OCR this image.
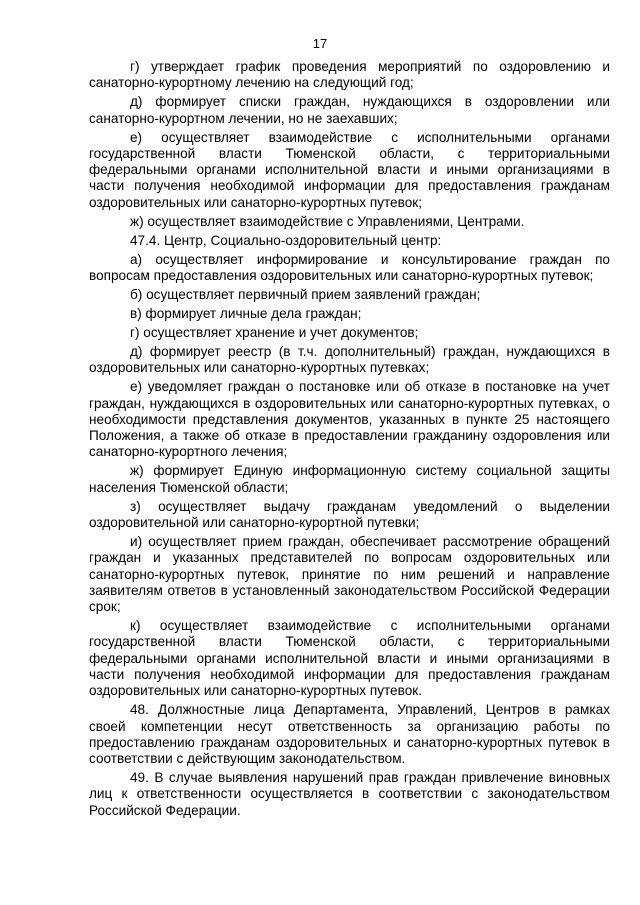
17

г) утверждает график проведения мероприятий по оздоровлению и санаторно-курортному лечению на следующий год;

д) формирует списки граждан, нуждающихся в оздоровлении или санаторно-курортном лечении, но не заехавших;

е) осуществляет взаимодействие с исполнительными органами государственной власти Тюменской области, с территориальными федеральными органами исполнительной власти и иными организациями в части получения необходимой информации для предоставления гражданам оздоровительных или санаторно-курортных путевок;

ж) осуществляет взаимодействие с Управлениями, Центрами.

47.4. Центр, Социально-оздоровительный центр:

а) осуществляет информирование и консультирование граждан по вопросам предоставления оздоровительных или санаторно-курортных путевок;

б) осуществляет первичный прием заявлений граждан;

в) формирует личные дела граждан;

г) осуществляет хранение и учет документов;

д) формирует реестр (в т.ч. дополнительный) граждан, нуждающихся в оздоровительных или санаторно-курортных путевках;

е) уведомляет граждан о постановке или об отказе в постановке на учет граждан, нуждающихся в оздоровительных или санаторно-курортных путевках, о необходимости представления документов, указанных в пункте 25 настоящего Положения, а также об отказе в предоставлении гражданину оздоровления или санаторно-курортного лечения;

ж) формирует Единую информационную систему социальной защиты населения Тюменской области;

з) осуществляет выдачу гражданам уведомлений о выделении оздоровительной или санаторно-курортной путевки;

и) осуществляет прием граждан, обеспечивает рассмотрение обращений граждан и указанных представителей по вопросам оздоровительных или санаторно-курортных путевок, принятие по ним решений и направление заявителям ответов в установленный законодательством Российской Федерации срок;

к) осуществляет взаимодействие с исполнительными органами государственной власти Тюменской области, с территориальными федеральными органами исполнительной власти и иными организациями в части получения необходимой информации для предоставления гражданам оздоровительных или санаторно-курортных путевок.

48. Должностные лица Департамента, Управлений, Центров в рамках своей компетенции несут ответственность за организацию работы по предоставлению гражданам оздоровительных и санаторно-курортных путевок в соответствии с действующим законодательством.

49. В случае выявления нарушений прав граждан привлечение виновных лиц к ответственности осуществляется в соответствии с законодательством Российской Федерации.
